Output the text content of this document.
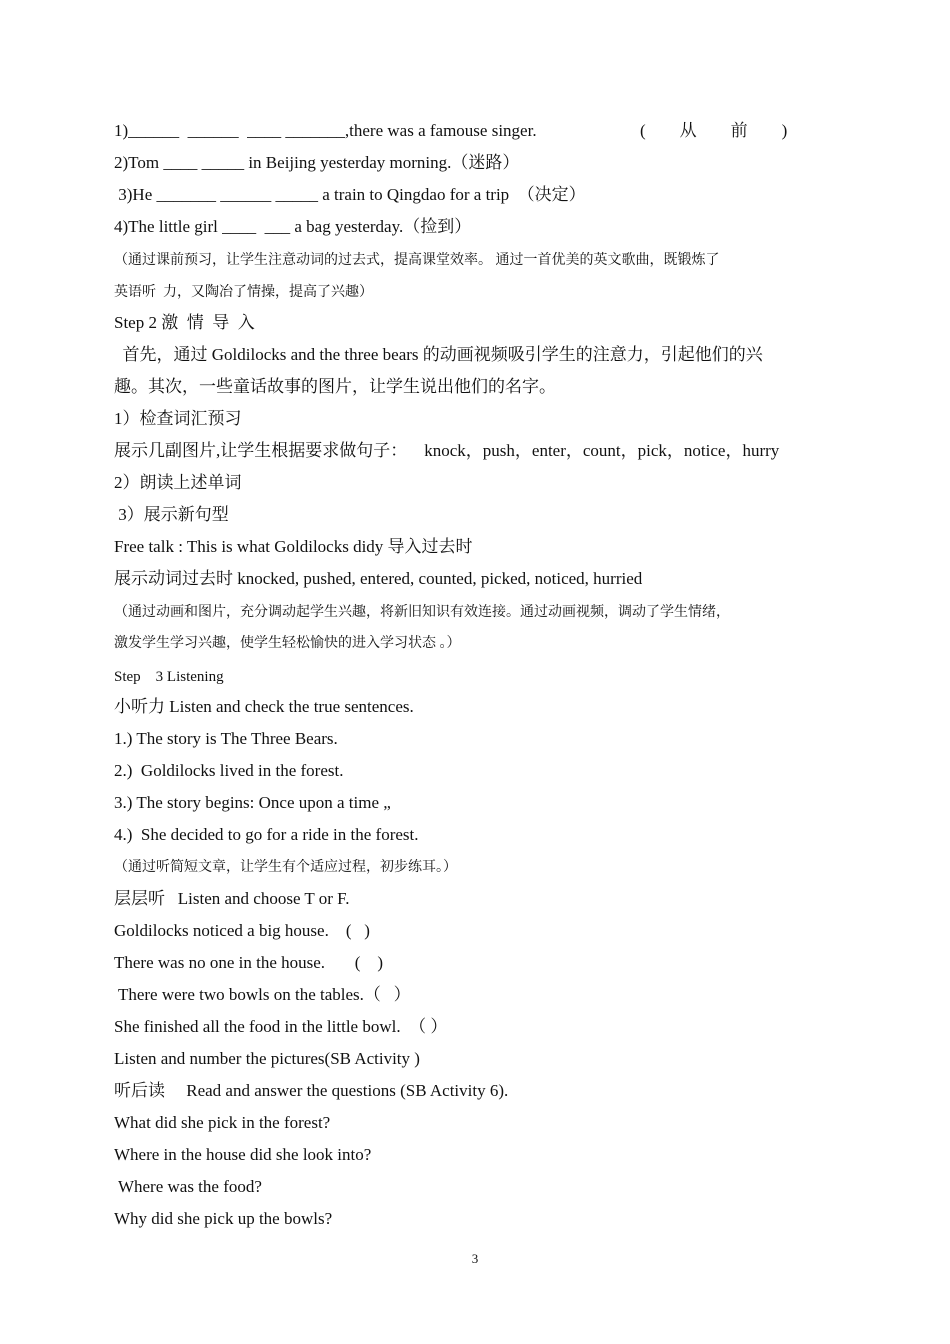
1)______  ______  ____ _______,there was a famouse singer.	(        从        前        )
2)Tom ____ _____ in Beijing yesterday morning.（迷路）
3)He _______ ______ _____ a train to Qingdao for a trip  （决定）
4)The little girl ____  ___ a bag yesterday.（捡到）
（通过课前预习，让学生注意动词的过去式，提高课堂效率。 通过一首优美的英文歌曲，既锻炼了
英语听  力，又陶冶了情操，提高了兴趣）
Step 2 激  情  导  入
首先，通过 Goldilocks and the three bears 的动画视频吸引学生的注意力，引起他们的兴
趣。其次，一些童话故事的图片，让学生说出他们的名字。
1）检查词汇预习
展示几副图片,让学生根据要求做句子：    knock，push，enter，count，pick，notice，hurry
2）朗读上述单词
3）展示新句型
Free talk : This is what Goldilocks didy 导入过去时
展示动词过去时 knocked, pushed, entered, counted, picked, noticed, hurried
（通过动画和图片，充分调动起学生兴趣，将新旧知识有效连接。通过动画视频，调动了学生情绪，
激发学生学习兴趣，使学生轻松愉快的进入学习状态 。）
Step    3 Listening
小听力 Listen and check the true sentences.
1.) The story is The Three Bears.
2.)  Goldilocks lived in the forest.
3.) The story begins: Once upon a time „
4.)  She decided to go for a ride in the forest.
（通过听简短文章，让学生有个适应过程，初步练耳。）
层层听   Listen and choose T or F.
Goldilocks noticed a big house.    (   )
There was no one in the house.       (    )
There were two bowls on the tables.（   ）
She finished all the food in the little bowl.  （ ）
Listen and number the pictures(SB Activity )
听后读     Read and answer the questions (SB Activity 6).
What did she pick in the forest?
Where in the house did she look into?
Where was the food?
Why did she pick up the bowls?
3
